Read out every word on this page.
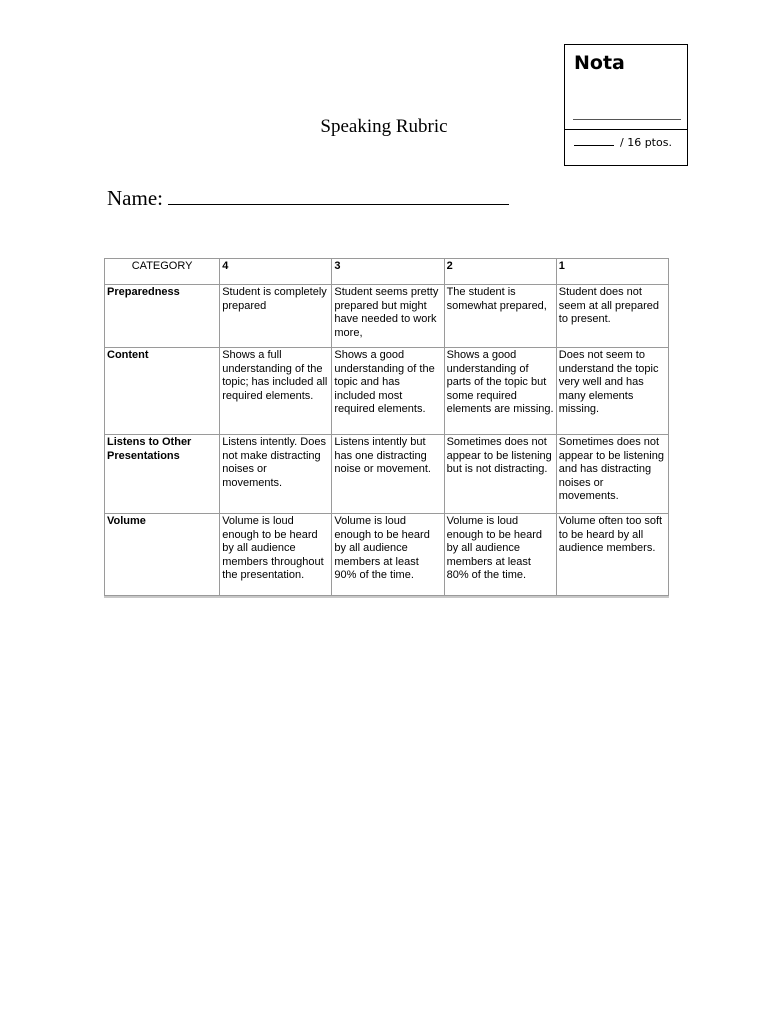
Nota
/ 16 ptos.
Speaking Rubric
Name:
CATEGORY	4	3	2	1
Preparedness	Student is completely prepared	Student seems pretty prepared but might have needed to work more,	The student is somewhat prepared,	Student does not seem at all prepared to present.
Content	Shows a full understanding of the topic; has included all required elements.	Shows a good understanding of the topic and has included most required elements.	Shows a good understanding of parts of the topic but some required elements are missing.	Does not seem to understand the topic very well and has many elements missing.
Listens to Other Presentations	Listens intently. Does not make distracting noises or movements.	Listens intently but has one distracting noise or movement.	Sometimes does not appear to be listening but is not distracting.	Sometimes does not appear to be listening and has distracting noises or movements.
Volume	Volume is loud enough to be heard by all audience members throughout the presentation.	Volume is loud enough to be heard by all audience members at least 90% of the time.	Volume is loud enough to be heard by all audience members at least 80% of the time.	Volume often too soft to be heard by all audience members.
